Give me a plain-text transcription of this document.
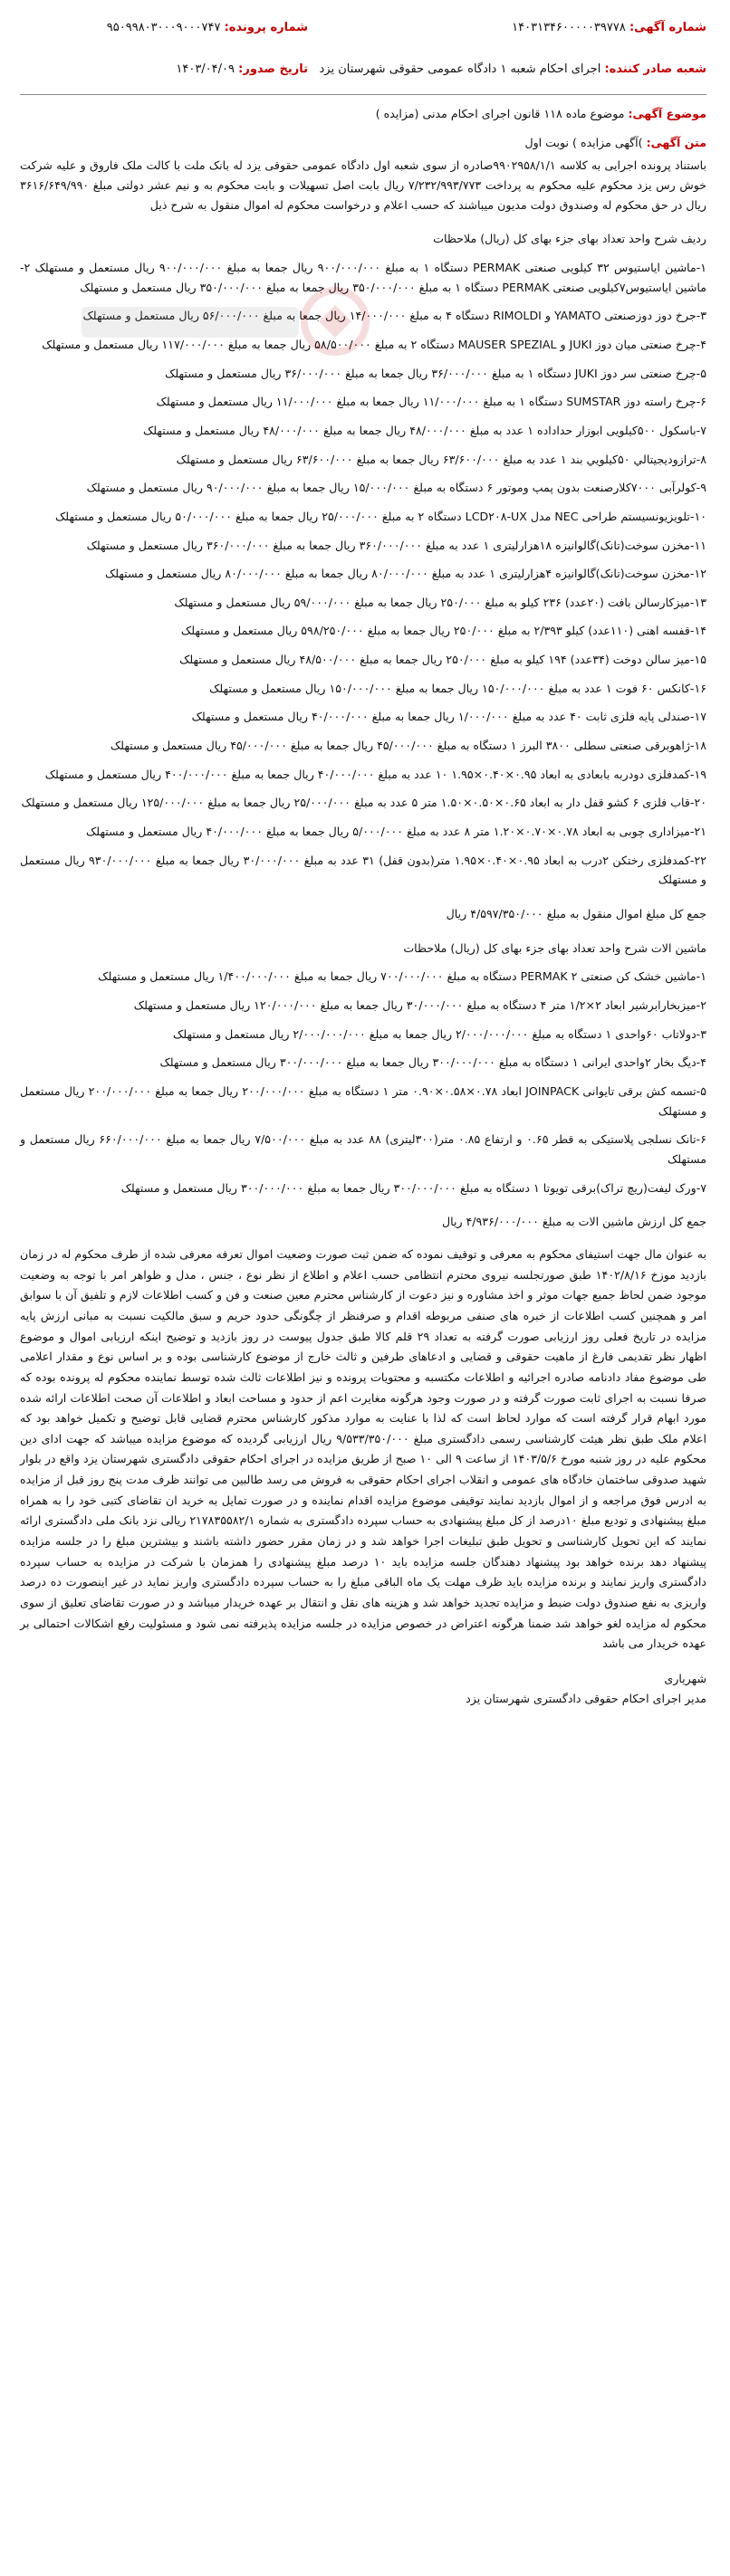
شماره آگهی: ۱۴۰۳۱۳۴۶۰۰۰۰۰۳۹۷۷۸
شماره پرونده: ۹۵۰۹۹۸۰۳۰۰۰۹۰۰۰۷۴۷
شعبه صادر کننده: اجرای احکام شعبه ۱ دادگاه عمومی حقوقی شهرستان یزد
تاریخ صدور: ۱۴۰۳/۰۴/۰۹
موضوع آگهی: موضوع ماده ۱۱۸ قانون اجرای احکام مدنی (مزایده )
متن آگهی: )آگهی مزایده ) نوبت اول
باستناد پرونده اجرایی به کلاسه ۹۹۰۲۹۵۸/۱/۱صادره از سوی شعبه اول دادگاه عمومی حقوقی یزد له بانک ملت با کالت ملک فاروق و علیه شرکت خوش رس یزد محکوم علیه محکوم به پرداخت ۷/۲۳۲/۹۹۳/۷۷۳ ریال بابت اصل تسهیلات و بابت محکوم به و نیم عشر دولتی مبلغ ۳۶۱۶/۶۴۹/۹۹۰ ریال در حق محکوم له وصندوق دولت مدیون میباشند که حسب اعلام و درخواست محکوم له اموال منقول به شرح ذیل
ردیف شرح واحد تعداد بهای جزء بهای کل (ریال) ملاحظات
۱-ماشین ایاستیوس ۳۲ کیلویی صنعتی PERMAK دستگاه ۱ به مبلغ ۹۰۰/۰۰۰/۰۰۰ ریال جمعا به مبلغ ۹۰۰/۰۰۰/۰۰۰ ریال مستعمل و مستهلک ۲-ماشین ایاستیوس۷کیلویی صنعتی PERMAK دستگاه ۱ به مبلغ ۳۵۰/۰۰۰/۰۰۰ ریال جمعا به مبلغ ۳۵۰/۰۰۰/۰۰۰ ریال مستعمل و مستهلک
۳-جرخ دوز دوزصنعتی YAMATO و RIMOLDI دستگاه ۴ به مبلغ ۱۴/۰۰۰/۰۰۰ ریال جمعا به مبلغ ۵۶/۰۰۰/۰۰۰ ریال مستعمل و مستهلک
۴-چرخ صنعتی میان دوز JUKI و MAUSER SPEZIAL دستگاه ۲ به مبلغ ۵۸/۵۰۰/۰۰۰ ریال جمعا به مبلغ ۱۱۷/۰۰۰/۰۰۰ ریال مستعمل و مستهلک
۵-چرخ صنعتی سر دوز JUKI دستگاه ۱ به مبلغ ۳۶/۰۰۰/۰۰۰ ریال جمعا به مبلغ ۳۶/۰۰۰/۰۰۰ ریال مستعمل و مستهلک
۶-چرخ راسته دوز SUMSTAR دستگاه ۱ به مبلغ ۱۱/۰۰۰/۰۰۰ ریال جمعا به مبلغ ۱۱/۰۰۰/۰۰۰ ریال مستعمل و مستهلک
۷-باسکول ۵۰۰کیلویی ابوزار حداداده ۱ عدد به مبلغ ۴۸/۰۰۰/۰۰۰ ریال جمعا به مبلغ ۴۸/۰۰۰/۰۰۰ ریال مستعمل و مستهلک
۸-ترازوديجيتالي ۵۰كيلويي بند ۱ عدد به مبلغ ۶۳/۶۰۰/۰۰۰ ریال جمعا به مبلغ ۶۳/۶۰۰/۰۰۰ ریال مستعمل و مستهلک
۹-کولرآبی ۷۰۰۰کلارصنعت بدون پمپ وموتور ۶ دستگاه به مبلغ ۱۵/۰۰۰/۰۰۰ ریال جمعا به مبلغ ۹۰/۰۰۰/۰۰۰ ریال مستعمل و مستهلک
۱۰-تلویزیونسیستم طراحی NEC مدل LCD۲۰۸-UX دستگاه ۲ به مبلغ ۲۵/۰۰۰/۰۰۰ ریال جمعا به مبلغ ۵۰/۰۰۰/۰۰۰ ریال مستعمل و مستهلک
۱۱-مخزن سوخت(تانک)گالوانیزه ۱۸هزارلیتری ۱ عدد به مبلغ ۳۶۰/۰۰۰/۰۰۰ ریال جمعا به مبلغ ۳۶۰/۰۰۰/۰۰۰ ریال مستعمل و مستهلک
۱۲-مخزن سوخت(تانک)گالوانیزه ۴هزارلیتری ۱ عدد به مبلغ ۸۰/۰۰۰/۰۰۰ ریال جمعا به مبلغ ۸۰/۰۰۰/۰۰۰ ریال مستعمل و مستهلک
۱۳-میزکارسالن بافت (۲۰عدد) ۲۳۶ کیلو به مبلغ ۲۵۰/۰۰۰ ریال جمعا به مبلغ ۵۹/۰۰۰/۰۰۰ ریال مستعمل و مستهلک
۱۴-قفسه اهنی (۱۱۰عدد) کیلو ۲/۳۹۳ به مبلغ ۲۵۰/۰۰۰ ریال جمعا به مبلغ ۵۹۸/۲۵۰/۰۰۰ ریال مستعمل و مستهلک
۱۵-میز سالن دوخت (۳۴عدد) ۱۹۴ کیلو به مبلغ ۲۵۰/۰۰۰ ریال جمعا به مبلغ ۴۸/۵۰۰/۰۰۰ ریال مستعمل و مستهلک
۱۶-کانکس ۶۰ فوت ۱ عدد به مبلغ ۱۵۰/۰۰۰/۰۰۰ ریال جمعا به مبلغ ۱۵۰/۰۰۰/۰۰۰ ریال مستعمل و مستهلک
۱۷-صندلی پایه فلزی ثابت ۴۰ عدد به مبلغ ۱/۰۰۰/۰۰۰ ریال جمعا به مبلغ ۴۰/۰۰۰/۰۰۰ ریال مستعمل و مستهلک
۱۸-ژاهوبرقی صنعتی سطلی ۳۸۰۰ البرز ۱ دستگاه به مبلغ ۴۵/۰۰۰/۰۰۰ ریال جمعا به مبلغ ۴۵/۰۰۰/۰۰۰ ریال مستعمل و مستهلک
۱۹-کمدفلزی دودربه بابعادی به ابعاد ۰.۹۵×۰.۴۰×۱.۹۵ ۱۰ عدد به مبلغ ۴۰/۰۰۰/۰۰۰ ریال جمعا به مبلغ ۴۰۰/۰۰۰/۰۰۰ ریال مستعمل و مستهلک
۲۰-قاب فلزی ۶ کشو قفل دار به ابعاد ۰.۶۵×۰.۵۰×۱.۵۰ متر ۵ عدد به مبلغ ۲۵/۰۰۰/۰۰۰ ریال جمعا به مبلغ ۱۲۵/۰۰۰/۰۰۰ ریال مستعمل و مستهلک
۲۱-میزاداری چوبی به ابعاد ۰.۷۸×۰.۷۰×۱.۲۰ متر ۸ عدد به مبلغ ۵/۰۰۰/۰۰۰ ریال جمعا به مبلغ ۴۰/۰۰۰/۰۰۰ ریال مستعمل و مستهلک
۲۲-کمدفلزی رختکن ۲درب به ابعاد ۰.۹۵×۰.۴۰×۱.۹۵ متر(بدون قفل) ۳۱ عدد به مبلغ ۳۰/۰۰۰/۰۰۰ ریال جمعا به مبلغ ۹۳۰/۰۰۰/۰۰۰ ریال مستعمل و مستهلک
جمع کل مبلغ اموال منقول به مبلغ ۴/۵۹۷/۳۵۰/۰۰۰ ریال
ماشین الات شرح واحد تعداد بهای جزء بهای کل (ریال) ملاحظات
۱-ماشین خشک کن صنعتی PERMAK ۲ دستگاه به مبلغ ۷۰۰/۰۰۰/۰۰۰ ریال جمعا به مبلغ ۱/۴۰۰/۰۰۰/۰۰۰ ریال مستعمل و مستهلک
۲-میزبخارابرشیر ابعاد ۲×۱/۲ متر ۴ دستگاه به مبلغ ۳۰/۰۰۰/۰۰۰ ریال جمعا به مبلغ ۱۲۰/۰۰۰/۰۰۰ ریال مستعمل و مستهلک
۳-دولاتاب ۶۰واحدی ۱ دستگاه به مبلغ ۲/۰۰۰/۰۰۰/۰۰۰ ریال جمعا به مبلغ ۲/۰۰۰/۰۰۰/۰۰۰ ریال مستعمل و مستهلک
۴-دیگ بخار ۲واحدی ایرانی ۱ دستگاه به مبلغ ۳۰۰/۰۰۰/۰۰۰ ریال جمعا به مبلغ ۳۰۰/۰۰۰/۰۰۰ ریال مستعمل و مستهلک
۵-تسمه کش برقی تایوانی JOINPACK ابعاد ۰.۷۸×۰.۵۸×۰.۹۰ متر ۱ دستگاه به مبلغ ۲۰۰/۰۰۰/۰۰۰ ریال جمعا به مبلغ ۲۰۰/۰۰۰/۰۰۰ ریال مستعمل و مستهلک
۶-تانک نسلجی پلاستیکی به قطر ۰.۶۵ و ارتفاع ۰.۸۵ متر(۳۰۰لیتری) ۸۸ عدد به مبلغ ۷/۵۰۰/۰۰۰ ریال جمعا به مبلغ ۶۶۰/۰۰۰/۰۰۰ ریال مستعمل و مستهلک
۷-ورک لیفت(ریچ تراک)برقی تویوتا ۱ دستگاه به مبلغ ۳۰۰/۰۰۰/۰۰۰ ریال جمعا به مبلغ ۳۰۰/۰۰۰/۰۰۰ ریال مستعمل و مستهلک
جمع کل ارزش ماشین الات به مبلغ ۴/۹۳۶/۰۰۰/۰۰۰ ریال
به عنوان مال جهت استیفای محکوم به معرفی و توقیف نموده که ضمن ثبت صورت وضعیت اموال تعرفه معرفی شده از طرف محکوم له در زمان بازدید موزخ ۱۴۰۲/۸/۱۶ طبق صورتجلسه نیروی محترم انتظامی حسب اعلام و اطلاع از نظر نوع ، جنس ، مدل و ظواهر امر با توجه به وضعیت موجود ضمن لحاظ جمیع جهات موثر و اخذ مشاوره و نیز دعوت از کارشناس محترم معین صنعت و فن و کسب اطلاعات لازم و تلفیق آن با سوابق امر و همچنین کسب اطلاعات از خبره های صنفی مربوطه اقدام و صرفنظر از چگونگی حدود حریم و سبق مالکیت نسبت به مبانی ارزش پایه مزایده در تاریخ فعلی روز ارزیابی صورت گرفته به تعداد ۲۹ قلم کالا طبق جدول پیوست در روز بازدید و توضیح اینکه ارزیابی اموال و موضوع اظهار نظر تقدیمی فارغ از ماهیت حقوقی و قضایی و ادعاهای طرفین و ثالث خارج از موضوع کارشناسی بوده و بر اساس نوع و مقدار اعلامی طی موضوع مفاد دادنامه صادره اجرائیه و اطلاعات مکتسبه و محتویات پرونده و نیز اطلاعات ثالث شده توسط نماینده محکوم له پرونده بوده که صرفا نسبت به اجرای ثابت صورت گرفته و در صورت وجود هرگونه مغایرت اعم از حدود و مساحت ابعاد و اطلاعات آن صحت اطلاعات ارائه شده مورد ابهام قرار گرفته است که موارد لحاظ است که لذا با عنایت به موارد مذکور کارشناس محترم قضایی قابل توضیح و تکمیل خواهد بود که اعلام ملک طبق نظر هیئت کارشناسی رسمی دادگستری مبلغ ۹/۵۳۳/۳۵۰/۰۰۰ ریال ارزیابی گردیده که موضوع مزایده میباشد که جهت ادای دین محکوم علیه در روز شنبه مورخ ۱۴۰۳/۵/۶ از ساعت ۹ الی ۱۰ صبح از طریق مزایده در اجرای احکام حقوقی دادگستری شهرستان یزد واقع در بلوار شهید صدوقی ساختمان خادگاه های عمومی و انقلاب اجرای احکام حقوقی به فروش می رسد طالبین می توانند ظرف مدت پنج روز قبل از مزایده به ادرس فوق مراجعه و از اموال بازدید نمایند توقیفی موضوع مزایده اقدام نماینده و در صورت تمایل به خرید ان تقاضای کتبی خود را به همراه مبلغ پیشنهادی و تودیع مبلغ ۱۰درصد از کل مبلغ پیشنهادی به حساب سپرده دادگستری به شماره ۲۱۷۸۳۵۵۸۲/۱ ریالی نزد بانک ملی دادگستری ارائه نمایند که این تحویل کارشناسی و تحویل طبق تبلیغات اجرا خواهد شد و در زمان مقرر حضور داشته باشند و بیشترین مبلغ را در جلسه مزایده پیشنهاد دهد برنده خواهد بود پیشنهاد دهندگان جلسه مزایده باید ۱۰ درصد مبلغ پیشنهادی را همزمان با شرکت در مزایده به حساب سپرده دادگستری واریز نمایند و برنده مزایده باید ظرف مهلت یک ماه الباقی مبلغ را به حساب سپرده دادگستری واریز نماید در غیر اینصورت ده درصد واریزی به نفع صندوق دولت ضبط و مزایده تجدید خواهد شد و هزینه های نقل و انتقال بر عهده خریدار میباشد و در صورت تقاضای تعلیق از سوی محکوم له مزایده لغو خواهد شد ضمنا هرگونه اعتراض در خصوص مزایده در جلسه مزایده پذیرفته نمی شود و مسئولیت رفع اشکالات احتمالی بر عهده خریدار می باشد
شهریاری
مدیر اجرای احکام حقوقی دادگستری شهرستان یزد
